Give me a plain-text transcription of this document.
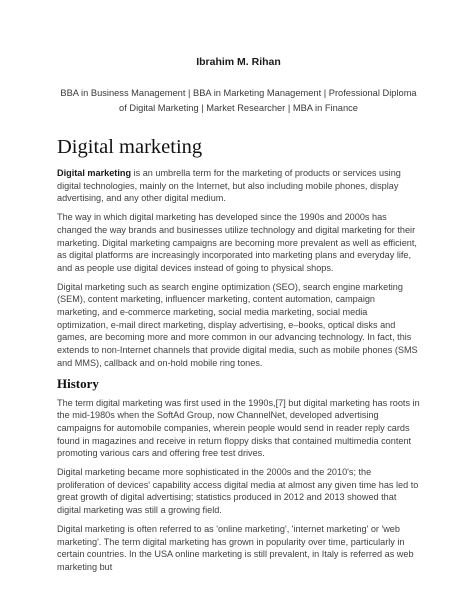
Ibrahim M. Rihan

BBA in Business Management | BBA in Marketing Management | Professional Diploma of Digital Marketing | Market Researcher | MBA in Finance

Digital marketing

Digital marketing is an umbrella term for the marketing of products or services using digital technologies, mainly on the Internet, but also including mobile phones, display advertising, and any other digital medium.

The way in which digital marketing has developed since the 1990s and 2000s has changed the way brands and businesses utilize technology and digital marketing for their marketing. Digital marketing campaigns are becoming more prevalent as well as efficient, as digital platforms are increasingly incorporated into marketing plans and everyday life, and as people use digital devices instead of going to physical shops.

Digital marketing such as search engine optimization (SEO), search engine marketing (SEM), content marketing, influencer marketing, content automation, campaign marketing, and e-commerce marketing, social media marketing, social media optimization, e-mail direct marketing, display advertising, e–books, optical disks and games, are becoming more and more common in our advancing technology. In fact, this extends to non-Internet channels that provide digital media, such as mobile phones (SMS and MMS), callback and on-hold mobile ring tones.

History

The term digital marketing was first used in the 1990s,[7] but digital marketing has roots in the mid-1980s when the SoftAd Group, now ChannelNet, developed advertising campaigns for automobile companies, wherein people would send in reader reply cards found in magazines and receive in return floppy disks that contained multimedia content promoting various cars and offering free test drives.

Digital marketing became more sophisticated in the 2000s and the 2010's; the proliferation of devices' capability access digital media at almost any given time has led to great growth of digital advertising; statistics produced in 2012 and 2013 showed that digital marketing was still a growing field.

Digital marketing is often referred to as 'online marketing', 'internet marketing' or 'web marketing'. The term digital marketing has grown in popularity over time, particularly in certain countries. In the USA online marketing is still prevalent, in Italy is referred as web marketing but
